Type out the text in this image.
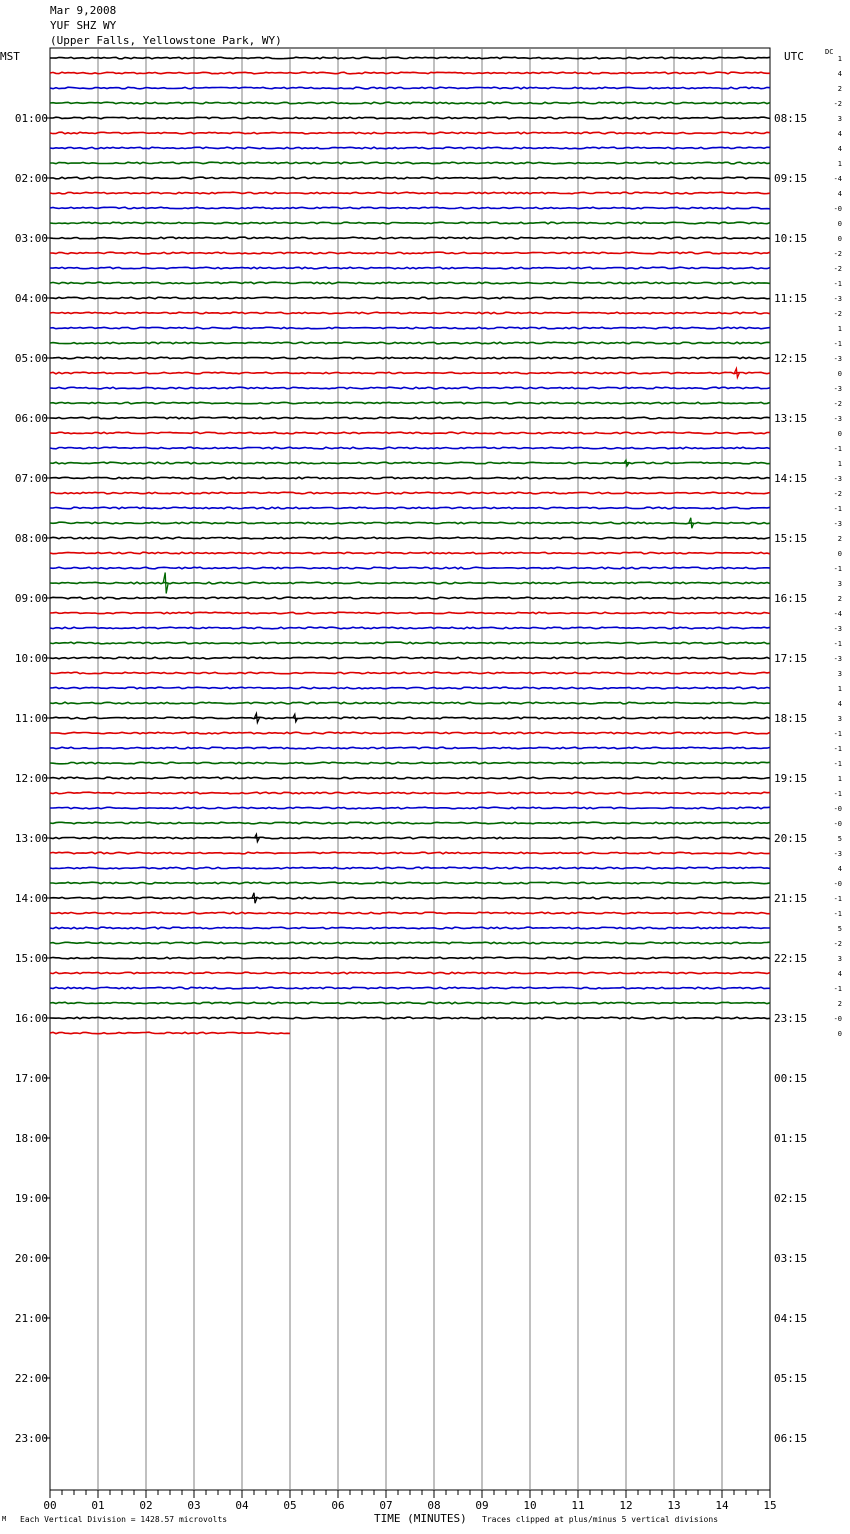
Mar 9,2008
YUF SHZ WY
(Upper Falls, Yellowstone Park, WY)
MST	UTC	DC
1
4
2
-2
3
4
4
1
-4
4
-0
0
0
-2
-2
-1
-3
-2
1
-1
-3
0
-3
-2
-3
0
-1
1
-3
-2
-1
-3
2
0
-1
3
2
-4
-3
-1
-3
3
1
4
3
-1
-1
-1
1
-1
-0
-0
5
-3
4
-0
-1
-1
5
-2
3
4
-1
2
-0
0
01:00
02:00
03:00
04:00
05:00
06:00
07:00
08:00
09:00
10:00
11:00
12:00
13:00
14:00
15:00
16:00
17:00
18:00
19:00
20:00
21:00
22:00
23:00
08:15
09:15
10:15
11:15
12:15
13:15
14:15
15:15
16:15
17:15
18:15
19:15
20:15
21:15
22:15
23:15
00:15
01:15
02:15
03:15
04:15
05:15
06:15
00	01	02	03	04	05	06	07	08	09	10	11	12	13	14	15
TIME (MINUTES)
M Each Vertical Division = 1428.57 microvolts	Traces clipped at plus/minus 5 vertical divisions
